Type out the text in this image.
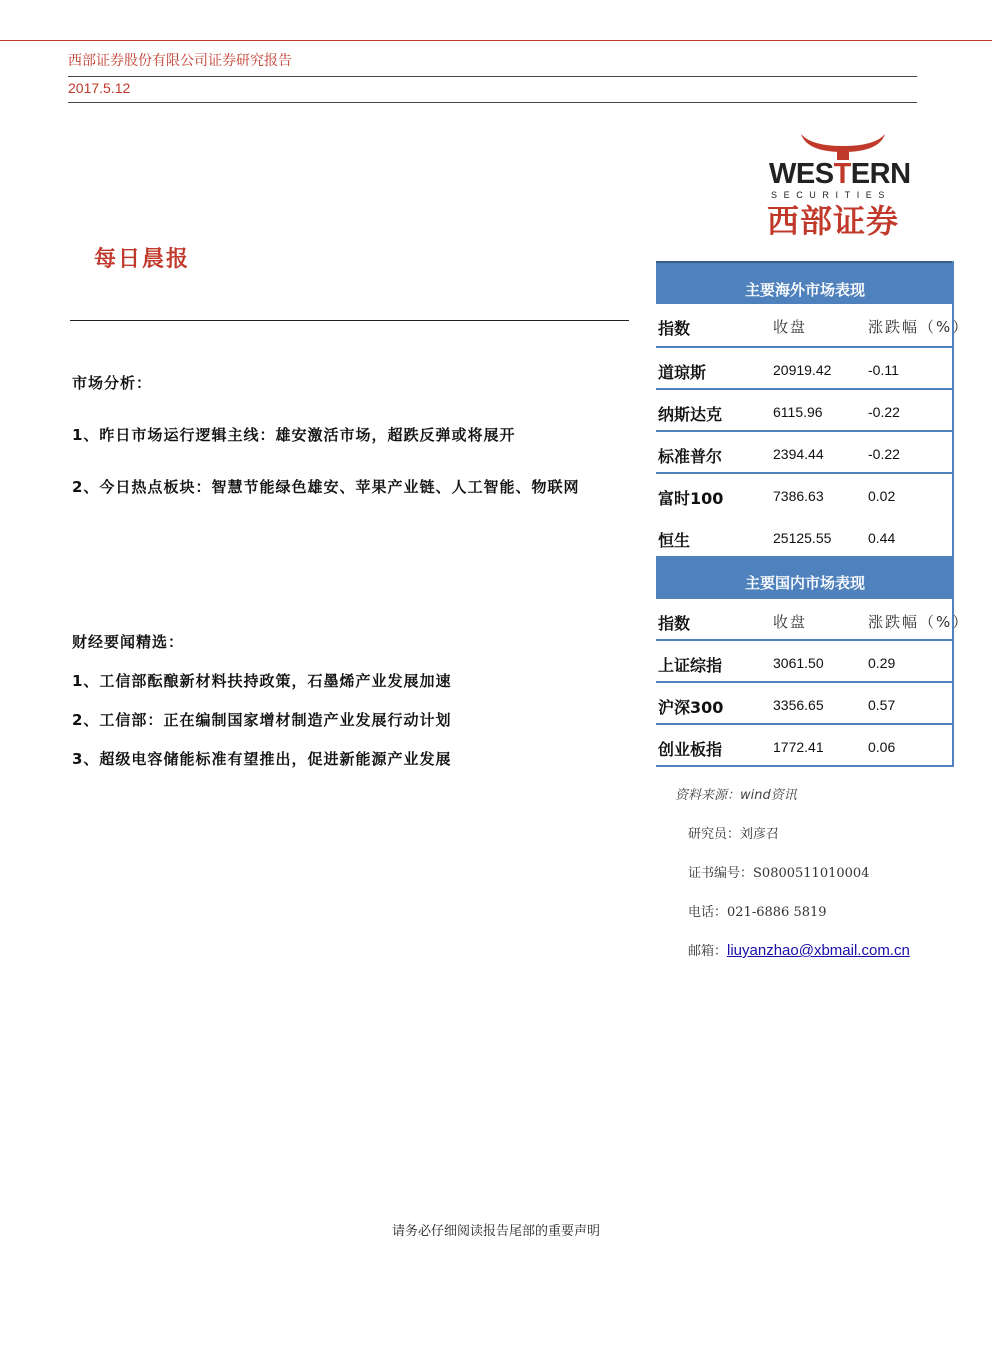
西部证券股份有限公司证券研究报告
2017.5.12
WESTERN
SECURITIES
西部证券
每日晨报
市场分析：
1、昨日市场运行逻辑主线：雄安激活市场，超跌反弹或将展开
2、今日热点板块：智慧节能绿色雄安、苹果产业链、人工智能、物联网
财经要闻精选：
1、工信部酝酿新材料扶持政策，石墨烯产业发展加速
2、工信部：正在编制国家增材制造产业发展行动计划
3、超级电容储能标准有望推出，促进新能源产业发展
主要海外市场表现
指数	收盘	涨跌幅（%）
道琼斯	20919.42	-0.11
纳斯达克	6115.96	-0.22
标准普尔	2394.44	-0.22
富时100	7386.63	0.02
恒生	25125.55	0.44
主要国内市场表现
指数	收盘	涨跌幅（%）
上证综指	3061.50	0.29
沪深300	3356.65	0.57
创业板指	1772.41	0.06
资料来源：wind资讯
研究员：刘彦召
证书编号：S0800511010004
电话：021-6886 5819
邮箱：liuyanzhao@xbmail.com.cn
请务必仔细阅读报告尾部的重要声明
